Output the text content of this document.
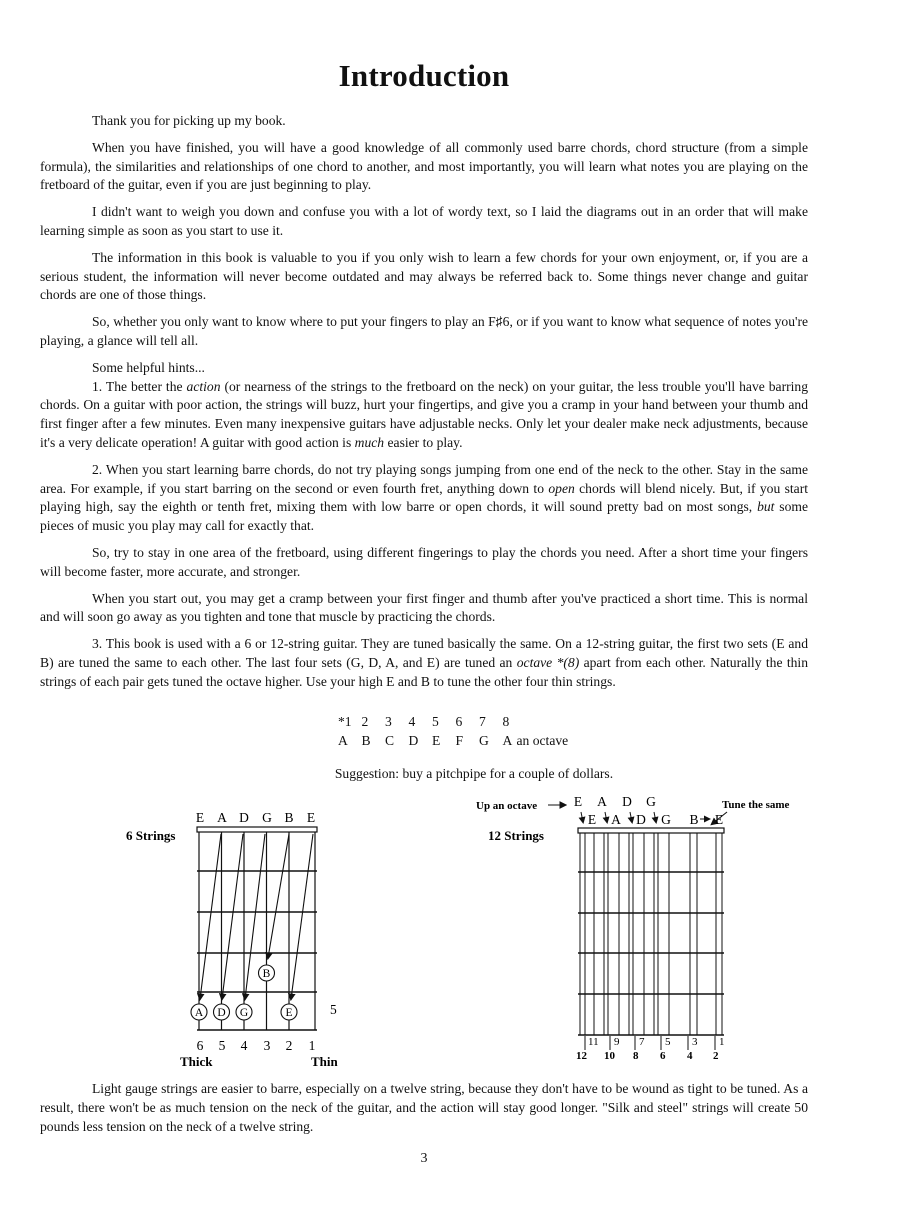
Introduction

Thank you for picking up my book.

When you have finished, you will have a good knowledge of all commonly used barre chords, chord structure (from a simple formula), the similarities and relationships of one chord to another, and most importantly, you will learn what notes you are playing on the fretboard of the guitar, even if you are just beginning to play.

I didn't want to weigh you down and confuse you with a lot of wordy text, so I laid the diagrams out in an order that will make learning simple as soon as you start to use it.

The information in this book is valuable to you if you only wish to learn a few chords for your own enjoyment, or, if you are a serious student, the information will never become outdated and may always be referred back to. Some things never change and guitar chords are one of those things.

So, whether you only want to know where to put your fingers to play an F♯6, or if you want to know what sequence of notes you're playing, a glance will tell all.

Some helpful hints...

1. The better the action (or nearness of the strings to the fretboard on the neck) on your guitar, the less trouble you'll have barring chords. On a guitar with poor action, the strings will buzz, hurt your fingertips, and give you a cramp in your hand between your thumb and first finger after a few minutes. Even many inexpensive guitars have adjustable necks. Only let your dealer make neck adjustments, because it's a very delicate operation! A guitar with good action is much easier to play.

2. When you start learning barre chords, do not try playing songs jumping from one end of the neck to the other. Stay in the same area. For example, if you start barring on the second or even fourth fret, anything down to open chords will blend nicely. But, if you start playing high, say the eighth or tenth fret, mixing them with low barre or open chords, it will sound pretty bad on most songs, but some pieces of music you play may call for exactly that.

So, try to stay in one area of the fretboard, using different fingerings to play the chords you need. After a short time your fingers will become faster, more accurate, and stronger.

When you start out, you may get a cramp between your first finger and thumb after you've practiced a short time. This is normal and will soon go away as you tighten and tone that muscle by practicing the chords.

3. This book is used with a 6 or 12-string guitar. They are tuned basically the same. On a 12-string guitar, the first two sets (E and B) are tuned the same to each other. The last four sets (G, D, A, and E) are tuned an octave *(8) apart from each other. Naturally the thin strings of each pair gets tuned the octave higher. Use your high E and B to tune the other four thin strings.

*1 2	3	4	5	6	7	8
A	B	C	D	E	F	G	A an octave
Suggestion: buy a pitchpipe for a couple of dollars.
6 Strings
E A D G B E
A D G
B
E	5
6 5 4 3 2 1
Thick	Thin
12 Strings
Up an octave	Tune the same
E A D G
E A D G B E
11 9 7 5 3 1
12 10 8 6 4 2

Light gauge strings are easier to barre, especially on a twelve string, because they don't have to be wound as tight to be tuned. As a result, there won't be as much tension on the neck of the guitar, and the action will stay good longer. "Silk and steel" strings will create 50 pounds less tension on the neck of a twelve string.

3
